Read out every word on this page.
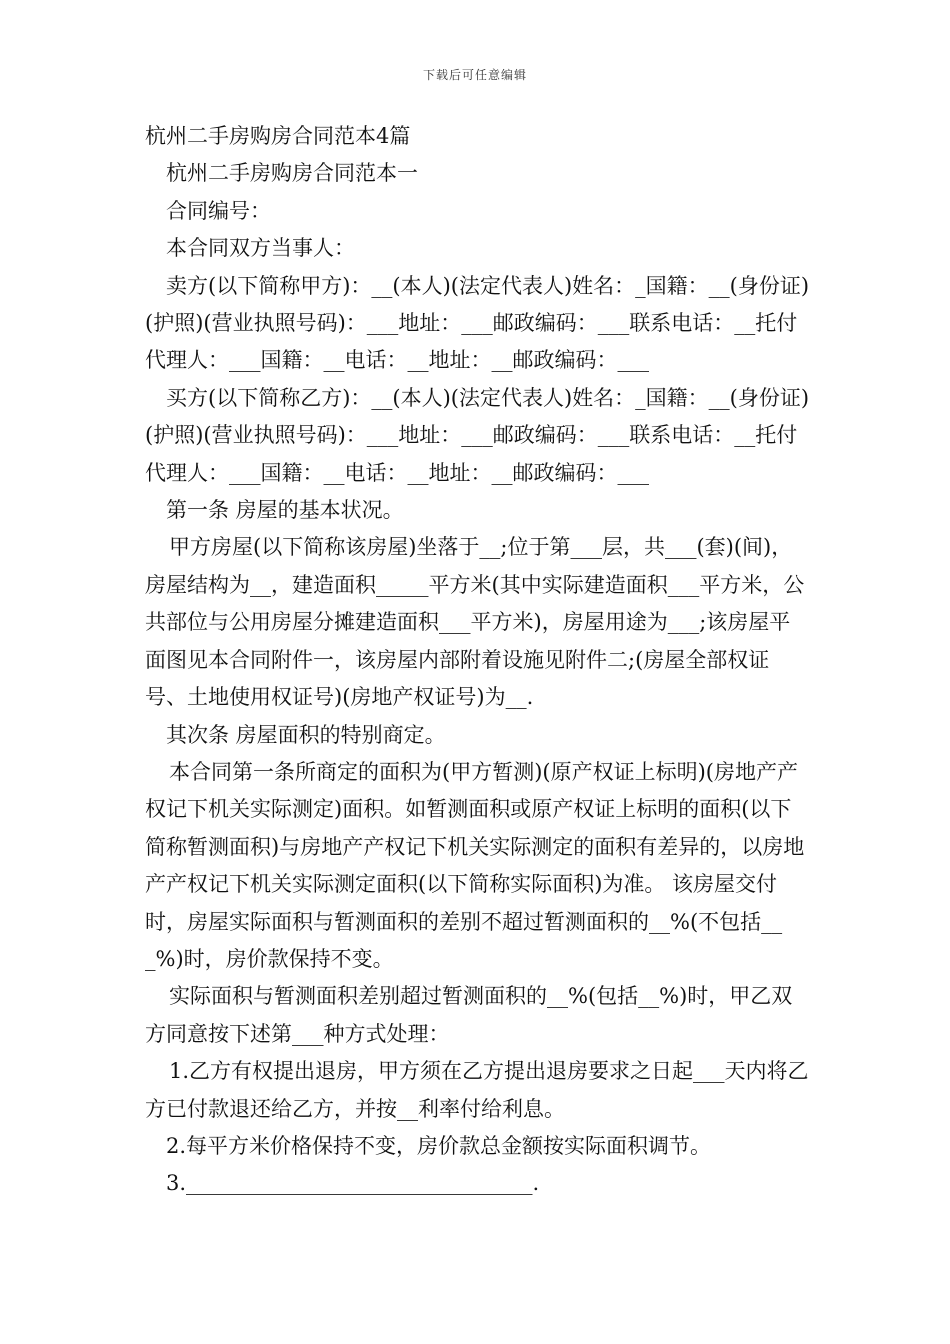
下载后可任意编辑

杭州二手房购房合同范本4篇

杭州二手房购房合同范本一

合同编号：

本合同双方当事人：

卖方(以下简称甲方)：__(本人)(法定代表人)姓名：_国籍：__(身份证)(护照)(营业执照号码)：___地址：___邮政编码：___联系电话：__托付代理人：___国籍：__电话：__地址：__邮政编码：___

买方(以下简称乙方)：__(本人)(法定代表人)姓名：_国籍：__(身份证)(护照)(营业执照号码)：___地址：___邮政编码：___联系电话：__托付代理人：___国籍：__电话：__地址：__邮政编码：___

第一条 房屋的基本状况。

甲方房屋(以下简称该房屋)坐落于__;位于第___层，共___(套)(间)，房屋结构为__，建造面积_____平方米(其中实际建造面积___平方米，公共部位与公用房屋分摊建造面积___平方米)，房屋用途为___;该房屋平面图见本合同附件一，该房屋内部附着设施见附件二;(房屋全部权证号、土地使用权证号)(房地产权证号)为__.

其次条 房屋面积的特别商定。

本合同第一条所商定的面积为(甲方暂测)(原产权证上标明)(房地产产权记下机关实际测定)面积。如暂测面积或原产权证上标明的面积(以下简称暂测面积)与房地产产权记下机关实际测定的面积有差异的，以房地产产权记下机关实际测定面积(以下简称实际面积)为准。 该房屋交付时，房屋实际面积与暂测面积的差别不超过暂测面积的__%(不包括___%)时，房价款保持不变。

实际面积与暂测面积差别超过暂测面积的__%(包括__%)时，甲乙双方同意按下述第___种方式处理：

1.乙方有权提出退房，甲方须在乙方提出退房要求之日起___天内将乙方已付款退还给乙方，并按__利率付给利息。

2.每平方米价格保持不变，房价款总金额按实际面积调节。

3._________________________________.
